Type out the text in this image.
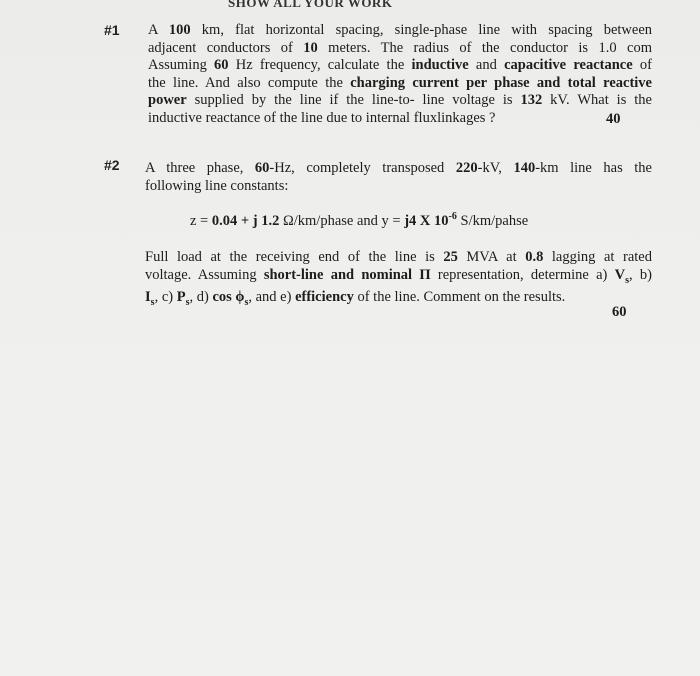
SHOW ALL YOUR WORK
#1 A 100 km, flat horizontal spacing, single-phase line with spacing between
adjacent conductors of 10 meters. The radius of the conductor is 1.0 com
Assuming 60 Hz frequency, calculate the inductive and capacitive reactance of
the line. And also compute the charging current per phase and total reactive
power supplied by the line if the line-to- line voltage is 132 kV. What is the
inductive reactance of the line due to internal fluxlinkages ?	40
#2 A three phase, 60-Hz, completely transposed 220-kV, 140-km line has the
following line constants:
z = 0.04 + j 1.2 Ω/km/phase and y = j4 X $10^{-6}$ S/km/pahse
Full load at the receiving end of the line is 25 MVA at 0.8 lagging at rated
voltage. Assuming short-line and nominal Π representation, determine a) $V_s$, b)
$I_s$, c) $P_s$, d) $\cos \phi_s$, and e) efficiency of the line. Comment on the results.
60
